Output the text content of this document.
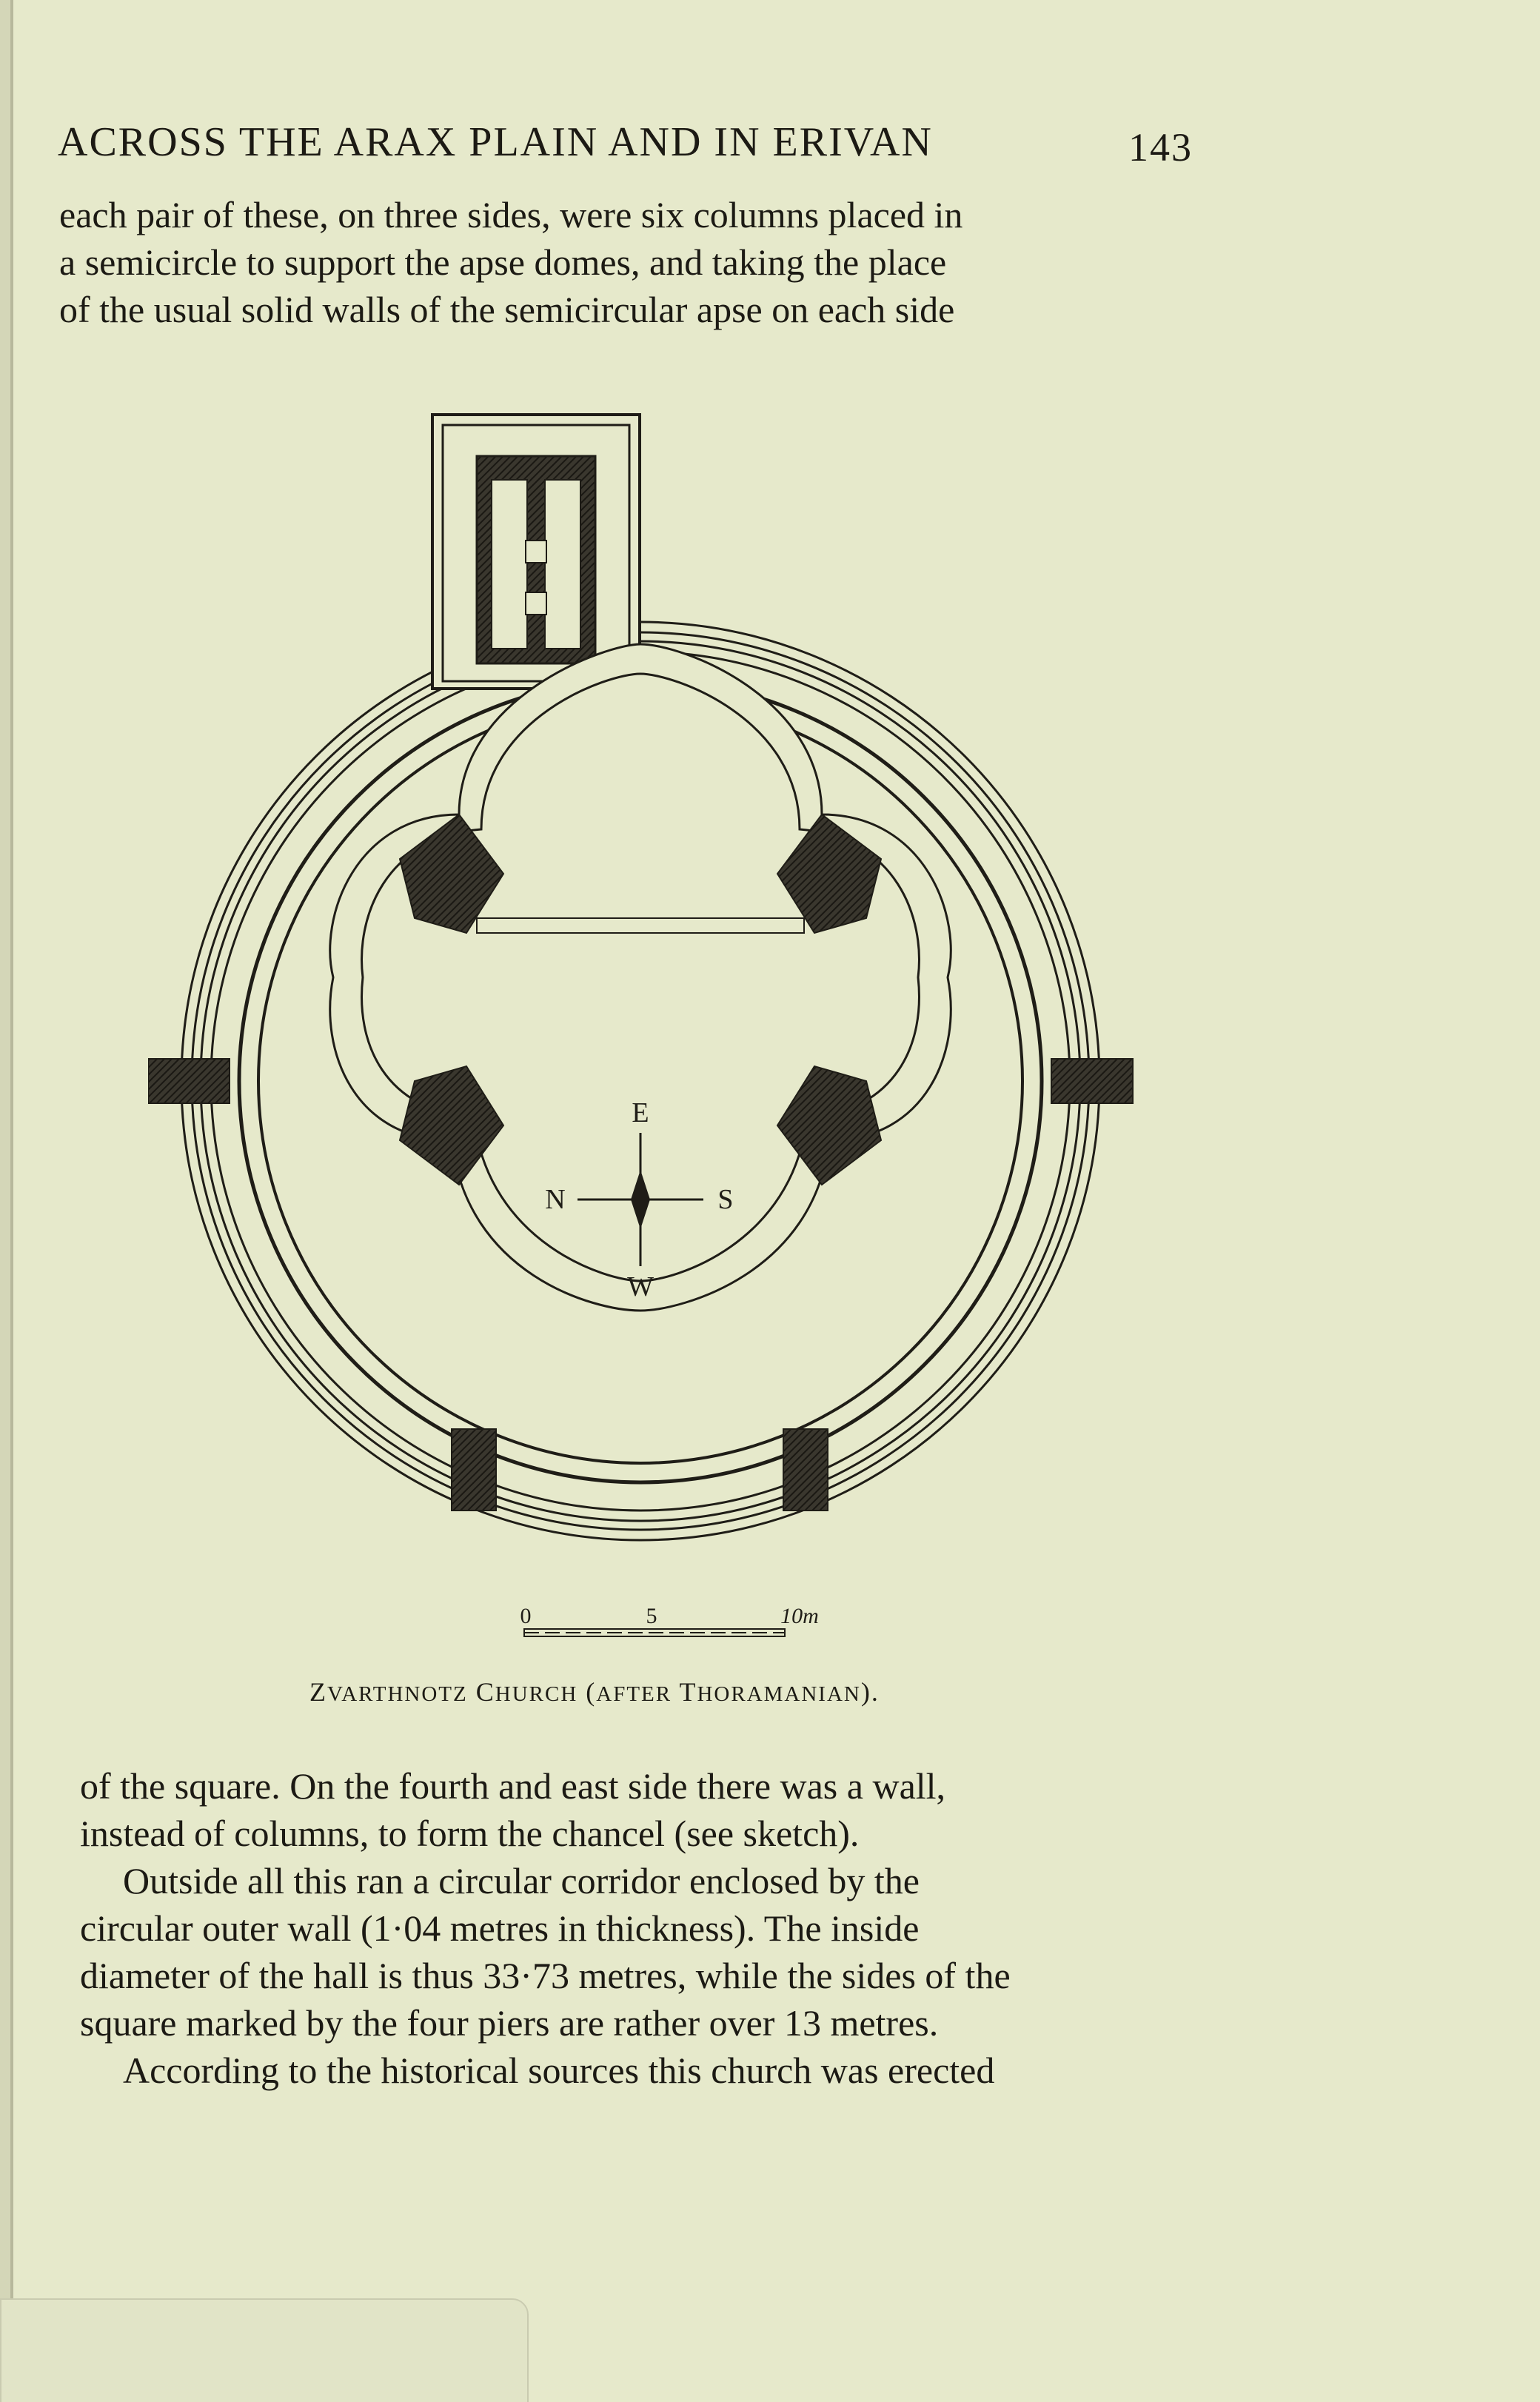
ACROSS THE ARAX PLAIN AND IN ERIVAN	143
each pair of these, on three sides, were six columns placed in
a semicircle to support the apse domes, and taking the place
of the usual solid walls of the semicircular apse on each side
E
N	S
W
0	5	10m
ZVARTHNOTZ CHURCH (AFTER THORAMANIAN).
of the square. On the fourth and east side there was a wall,
instead of columns, to form the chancel (see sketch).
Outside all this ran a circular corridor enclosed by the
circular outer wall (1·04 metres in thickness). The inside
diameter of the hall is thus 33·73 metres, while the sides of the
square marked by the four piers are rather over 13 metres.
According to the historical sources this church was erected
